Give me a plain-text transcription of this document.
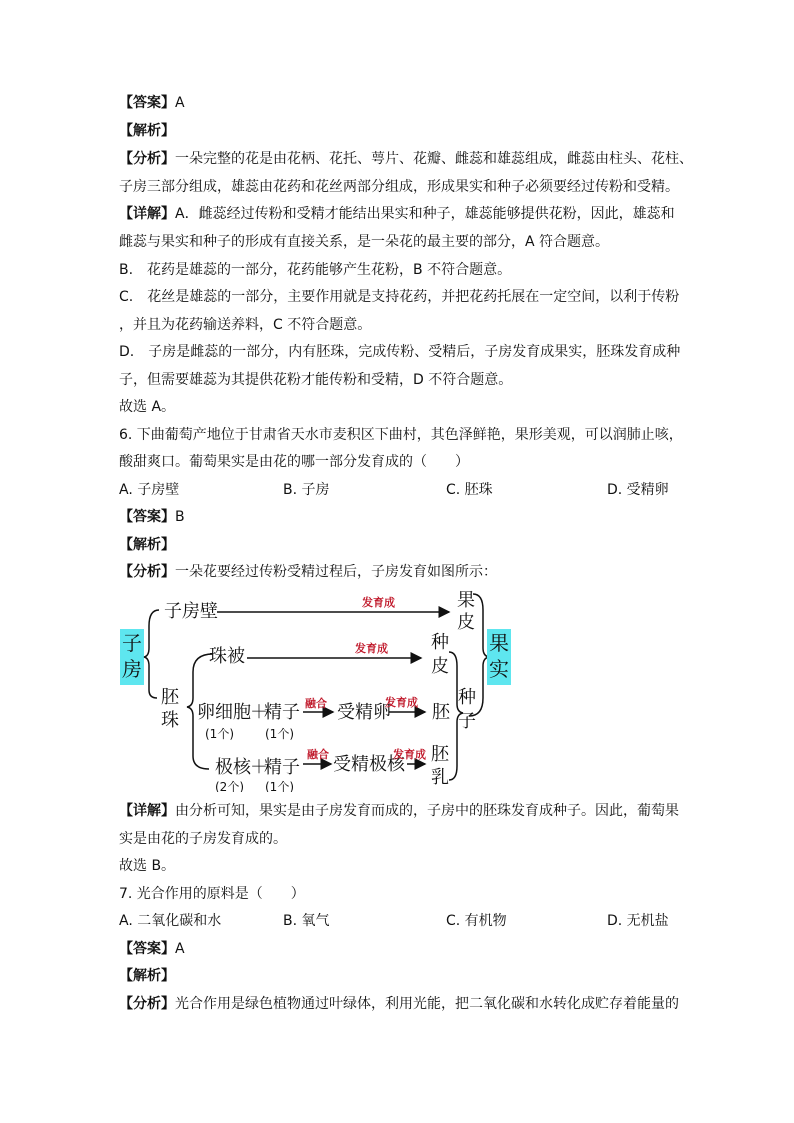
【答案】A
【解析】
【分析】一朵完整的花是由花柄、花托、萼片、花瓣、雌蕊和雄蕊组成，雌蕊由柱头、花柱、
子房三部分组成，雄蕊由花药和花丝两部分组成，形成果实和种子必须要经过传粉和受精。
【详解】A．雌蕊经过传粉和受精才能结出果实和种子，雄蕊能够提供花粉，因此，雄蕊和
雌蕊与果实和种子的形成有直接关系，是一朵花的最主要的部分，A 符合题意。
B.　花药是雄蕊的一部分，花药能够产生花粉，B 不符合题意。
C.　花丝是雄蕊的一部分，主要作用就是支持花药，并把花药托展在一定空间，以利于传粉
，并且为花药输送养料，C 不符合题意。
D.　子房是雌蕊的一部分，内有胚珠，完成传粉、受精后，子房发育成果实，胚珠发育成种
子，但需要雄蕊为其提供花粉才能传粉和受精，D 不符合题意。
故选 A。
6. 下曲葡萄产地位于甘肃省天水市麦积区下曲村，其色泽鲜艳，果形美观，可以润肺止咳，
酸甜爽口。葡萄果实是由花的哪一部分发育成的（　　）
A. 子房壁	B. 子房	C. 胚珠	D. 受精卵
【答案】B
【解析】
【分析】一朵花要经过传粉受精过程后，子房发育如图所示：
子
房
子房壁	发育成	果
皮
胚
珠
珠被	发育成 种
皮
卵细胞 ＋
精子
(1个)	(1个)
融合 受精卵
发育成 胚
极核 ＋
精子
(2个) (1个)
融合 受精极核
发育成 胚
乳
种
子
果
实
【详解】由分析可知，果实是由子房发育而成的，子房中的胚珠发育成种子。因此，葡萄果
实是由花的子房发育成的。
故选 B。
7. 光合作用的原料是（　　）
A. 二氧化碳和水	B. 氧气	C. 有机物	D. 无机盐
【答案】A
【解析】
【分析】光合作用是绿色植物通过叶绿体，利用光能，把二氧化碳和水转化成贮存着能量的
